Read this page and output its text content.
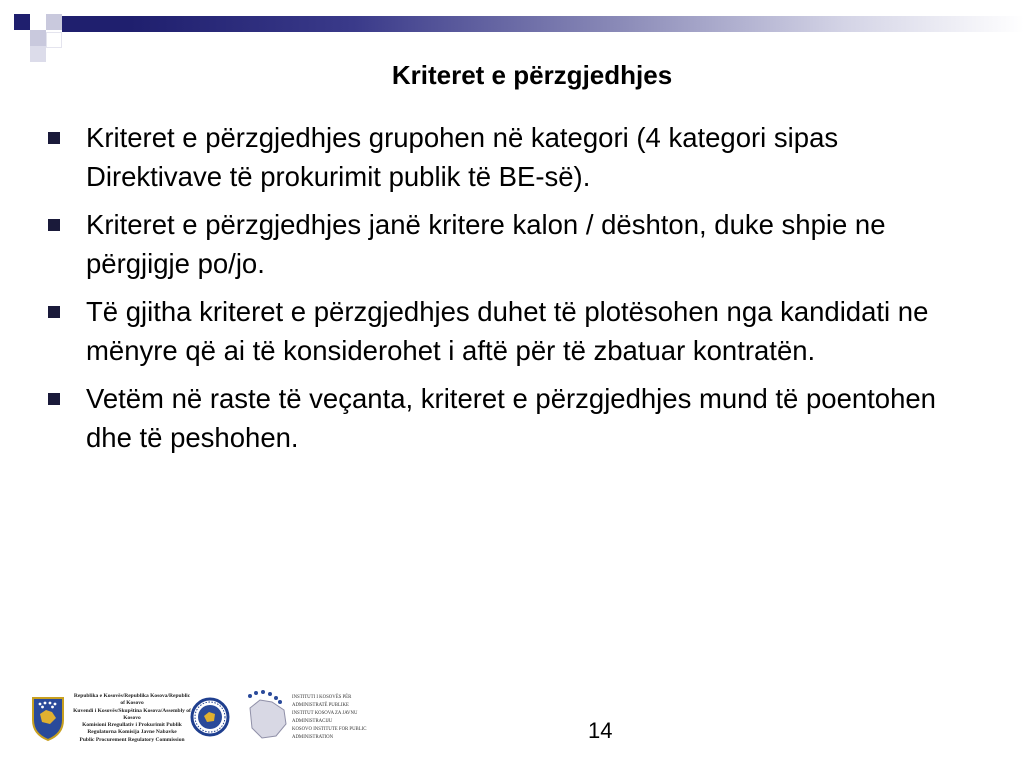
Kriteret e përzgjedhjes
Kriteret e përzgjedhjes grupohen në kategori (4 kategori sipas Direktivave të prokurimit publik të BE-së).
Kriteret e përzgjedhjes janë kritere kalon / dështon, duke shpie ne përgjigje po/jo.
Të gjitha kriteret e përzgjedhjes duhet të plotësohen nga kandidati ne mënyre që ai të konsiderohet i aftë për të zbatuar kontratën.
Vetëm në raste të veçanta, kriteret e përzgjedhjes mund të poentohen dhe të peshohen.
Republika e Kosovës/Republika Kosova/Republic of Kosovo
Kuvendi i Kosovës/Skupština Kosova/Assembly of Kosovo
Komisioni Rregullativ i Prokurimit Publik
Regulatorna Komisija Javne Nabavke
Public Procurement Regulatory Commission
INSTITUTI I KOSOVËS PËR ADMINISTRATË PUBLIKE
INSTITUT KOSOVA ZA JAVNU ADMINISTRACIJU
KOSOVO INSTITUTE FOR PUBLIC ADMINISTRATION	14
